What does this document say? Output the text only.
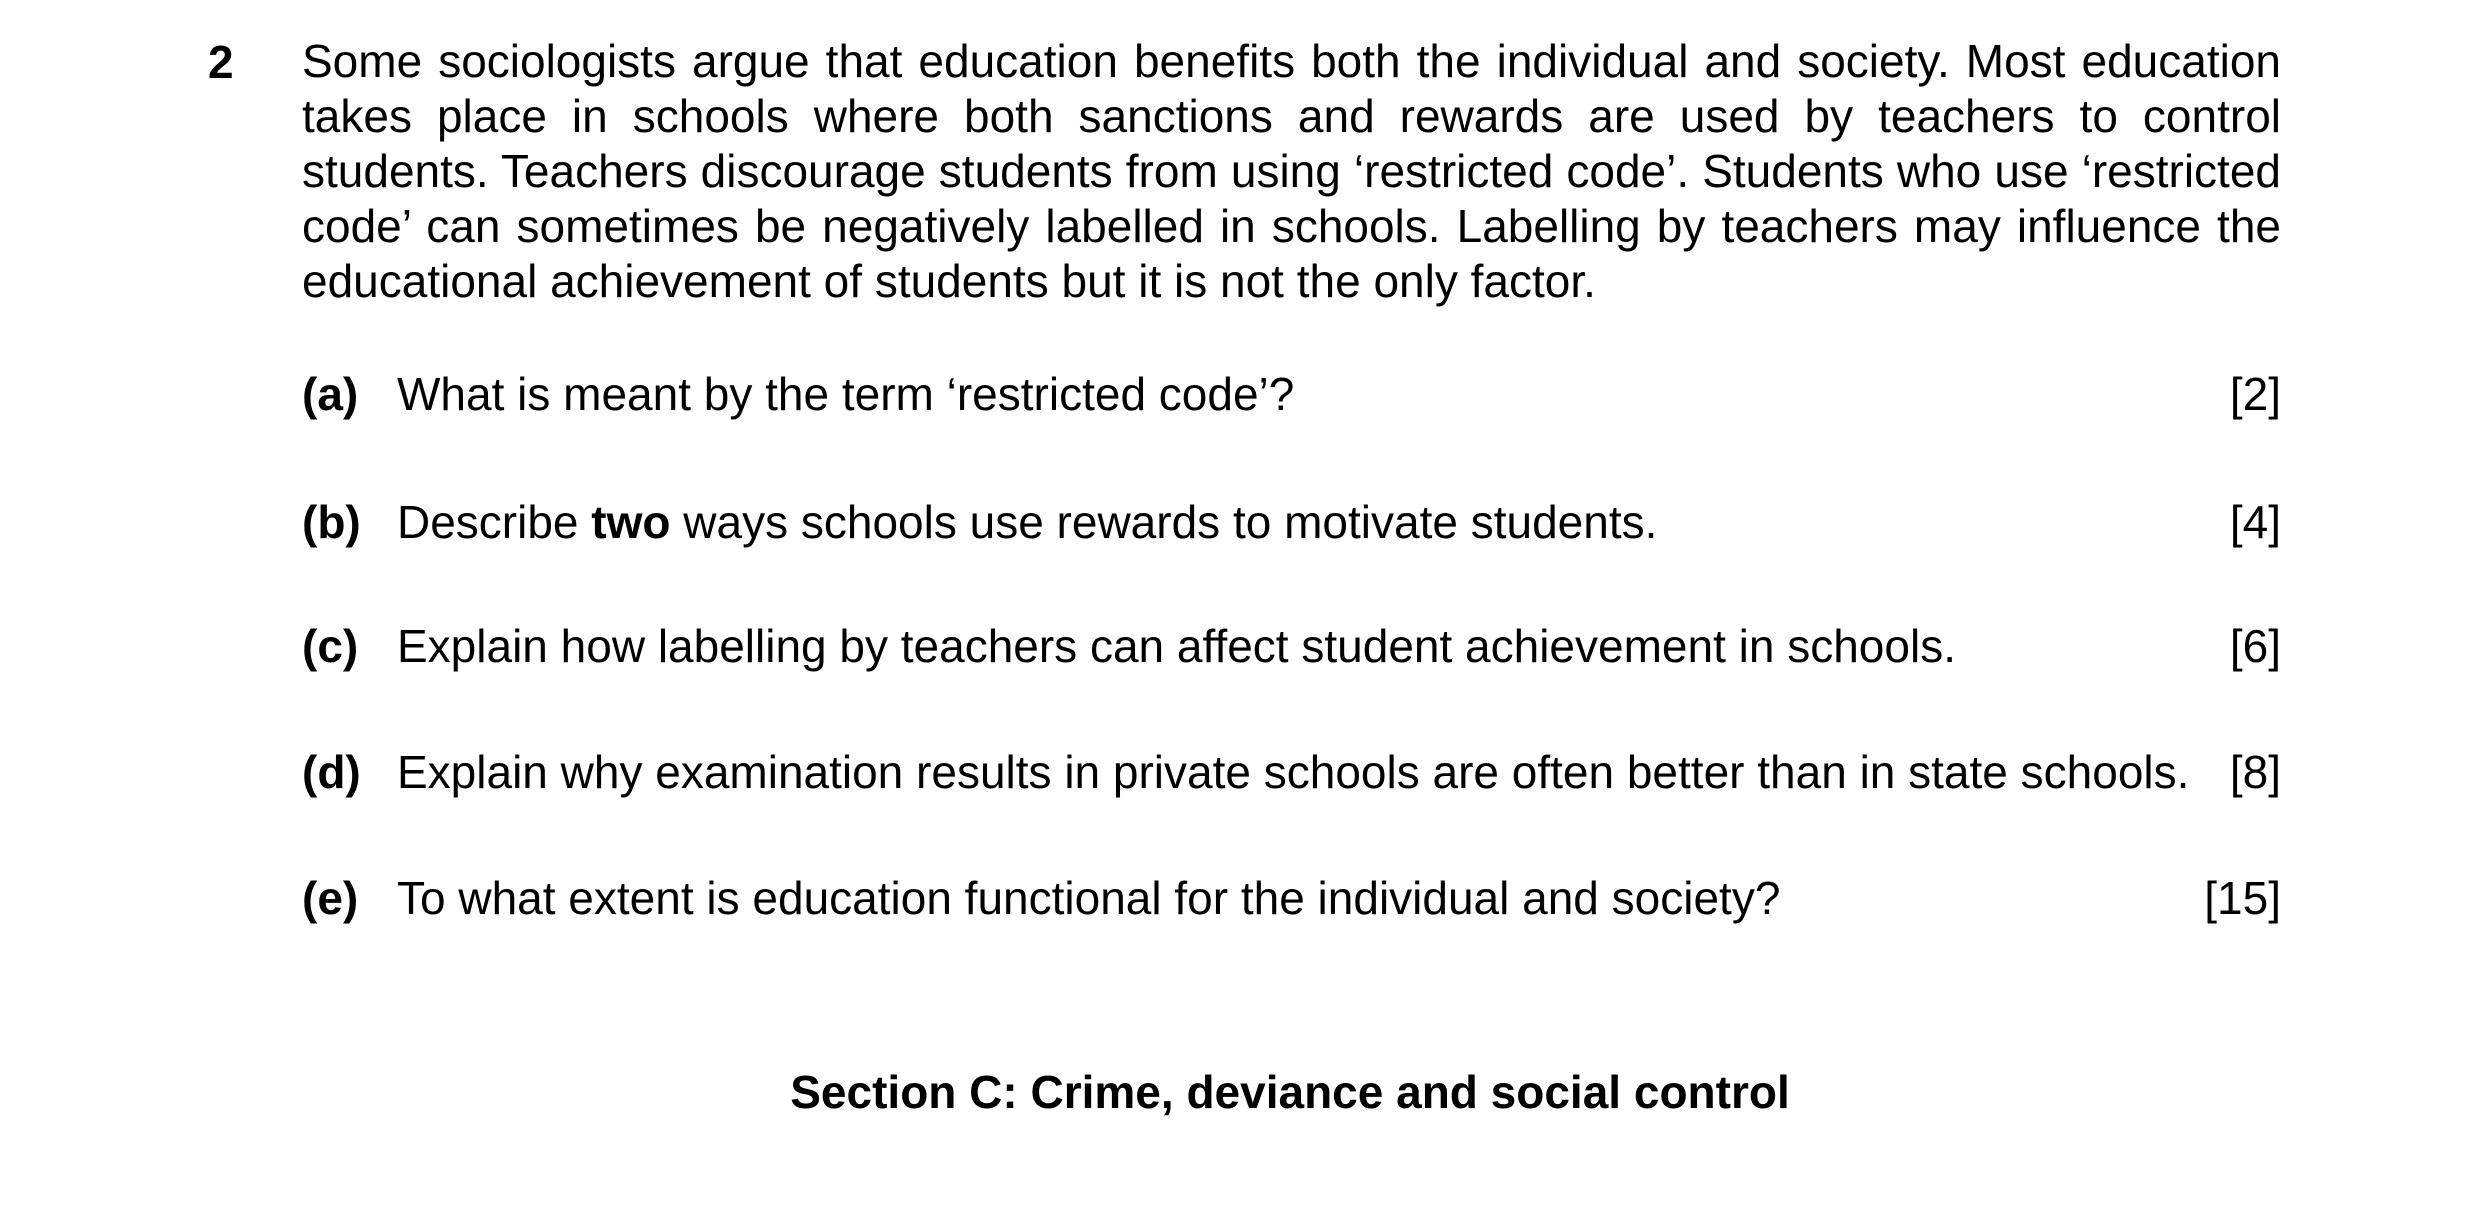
2 Some sociologists argue that education benefits both the individual and society. Most education takes place in schools where both sanctions and rewards are used by teachers to control students. Teachers discourage students from using ‘restricted code’. Students who use ‘restricted code’ can sometimes be negatively labelled in schools. Labelling by teachers may influence the educational achievement of students but it is not the only factor.

(a) What is meant by the term ‘restricted code’?	[2]
(b) Describe two ways schools use rewards to motivate students.	[4]
(c) Explain how labelling by teachers can affect student achievement in schools.	[6]
(d) Explain why examination results in private schools are often better than in state schools. [8]
(e) To what extent is education functional for the individual and society?	[15]
Section C: Crime, deviance and social control
